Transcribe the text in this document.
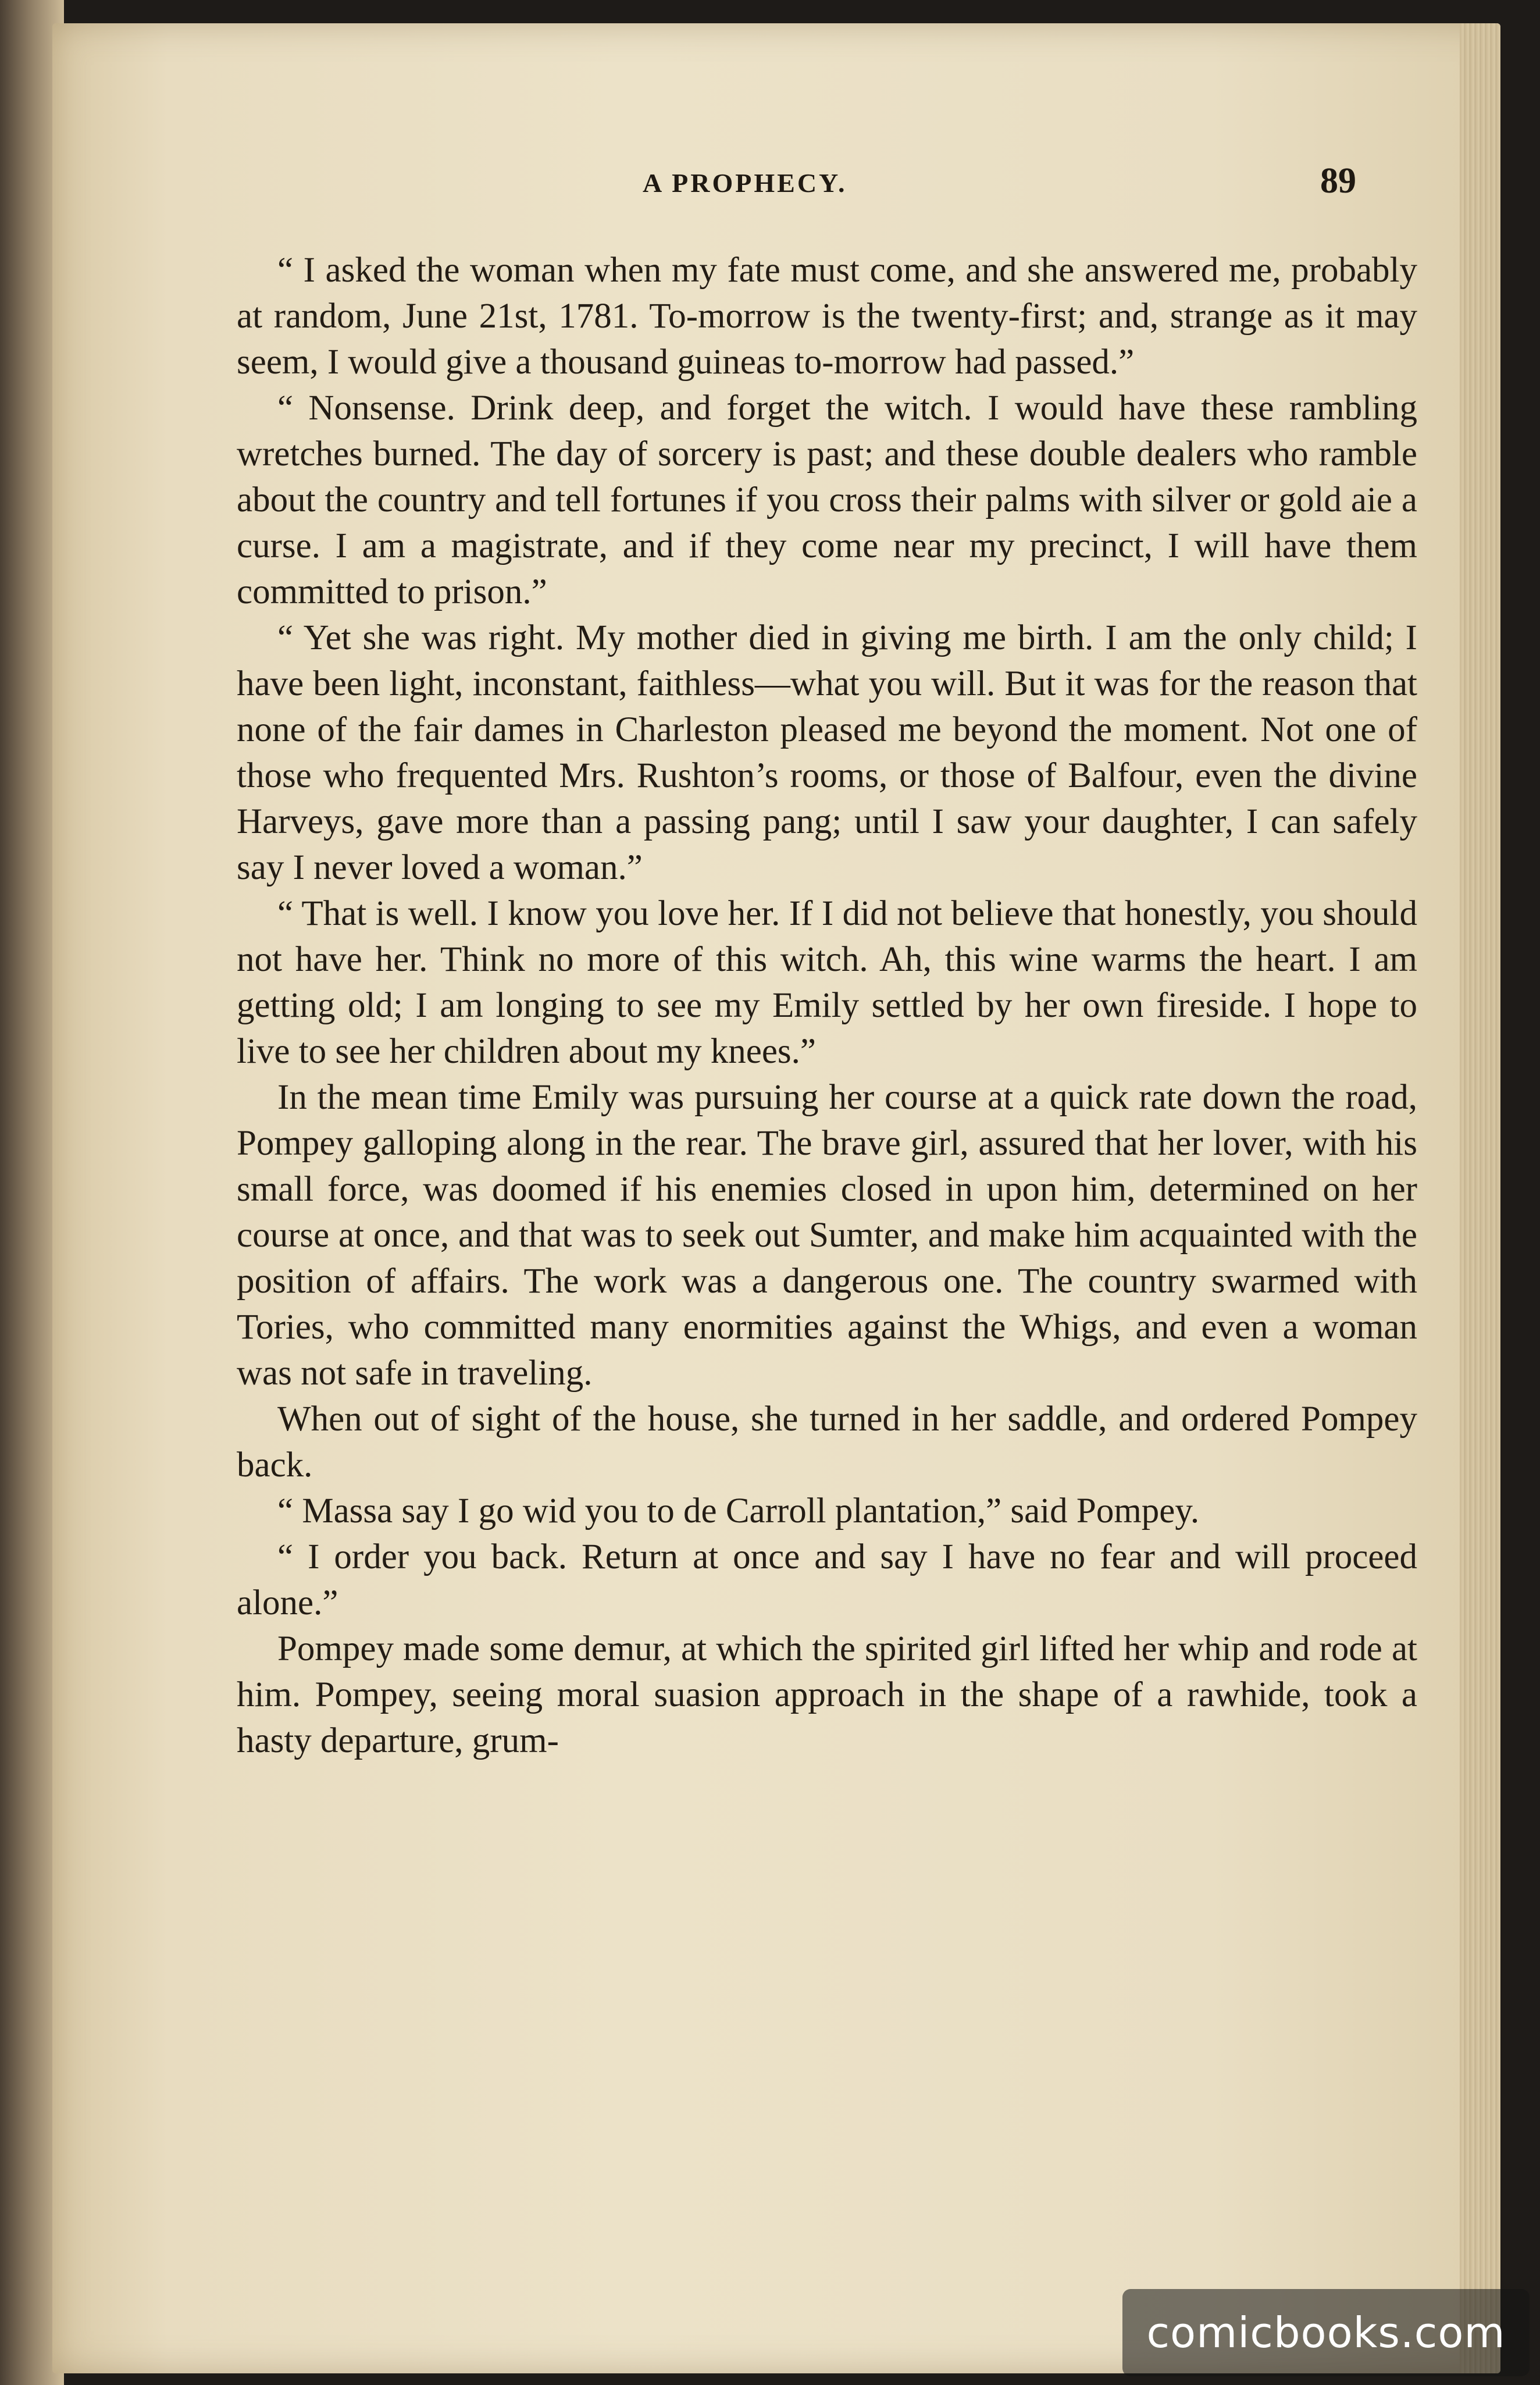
A PROPHECY.	89

“ I asked the woman when my fate must come, and she answered me, probably at random, June 21st, 1781. To-morrow is the twenty-first; and, strange as it may seem, I would give a thousand guineas to-morrow had passed.”

“ Nonsense. Drink deep, and forget the witch. I would have these rambling wretches burned. The day of sorcery is past; and these double dealers who ramble about the country and tell fortunes if you cross their palms with silver or gold aie a curse. I am a magistrate, and if they come near my precinct, I will have them committed to prison.”

“ Yet she was right. My mother died in giving me birth. I am the only child; I have been light, inconstant, faithless—what you will. But it was for the reason that none of the fair dames in Charleston pleased me beyond the moment. Not one of those who frequented Mrs. Rushton’s rooms, or those of Balfour, even the divine Harveys, gave more than a passing pang; until I saw your daughter, I can safely say I never loved a woman.”

“ That is well. I know you love her. If I did not believe that honestly, you should not have her. Think no more of this witch. Ah, this wine warms the heart. I am getting old; I am longing to see my Emily settled by her own fireside. I hope to live to see her children about my knees.”

In the mean time Emily was pursuing her course at a quick rate down the road, Pompey galloping along in the rear. The brave girl, assured that her lover, with his small force, was doomed if his enemies closed in upon him, determined on her course at once, and that was to seek out Sumter, and make him acquainted with the position of affairs. The work was a dangerous one. The country swarmed with Tories, who committed many enormities against the Whigs, and even a woman was not safe in traveling.

When out of sight of the house, she turned in her saddle, and ordered Pompey back.

“ Massa say I go wid you to de Carroll plantation,” said Pompey.

“ I order you back. Return at once and say I have no fear and will proceed alone.”

Pompey made some demur, at which the spirited girl lifted her whip and rode at him. Pompey, seeing moral suasion approach in the shape of a rawhide, took a hasty departure, grum-

comicbooks.com
